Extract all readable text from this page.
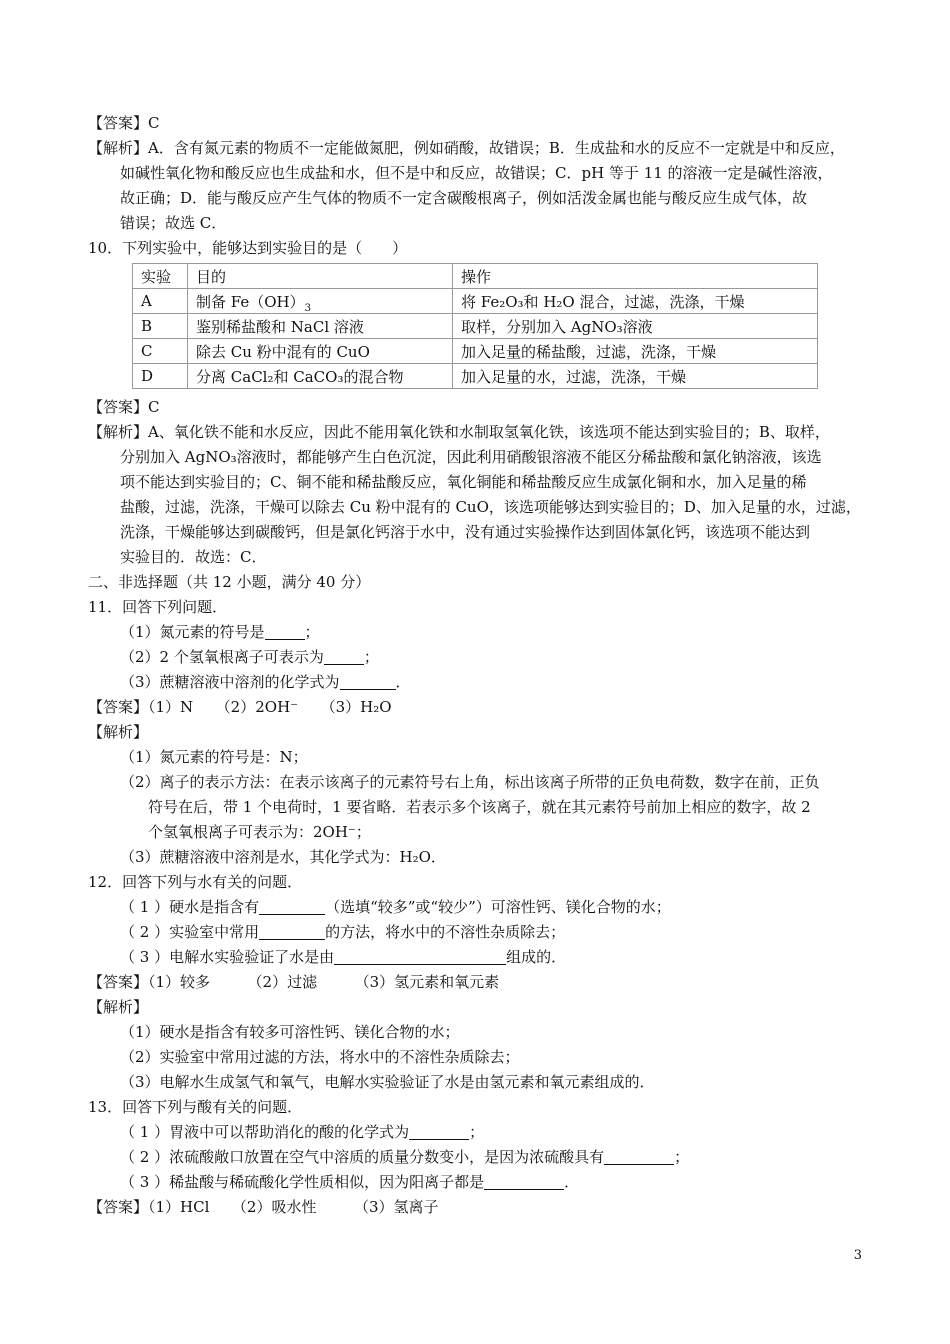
【答案】C
【解析】A．含有氮元素的物质不一定能做氮肥，例如硝酸，故错误；B．生成盐和水的反应不一定就是中和反应，
如碱性氧化物和酸反应也生成盐和水，但不是中和反应，故错误；C．pH 等于 11 的溶液一定是碱性溶液，
故正确；D．能与酸反应产生气体的物质不一定含碳酸根离子，例如活泼金属也能与酸反应生成气体，故
错误；故选 C．
10．下列实验中，能够达到实验目的是（　　）
实验	目的	操作
A	制备 $Fe(OH)_3$	将 Fe₂O₃和 H₂O 混合，过滤，洗涤，干燥
B	鉴别稀盐酸和 NaCl 溶液	取样，分别加入 AgNO₃溶液
C	除去 Cu 粉中混有的 CuO	加入足量的稀盐酸，过滤，洗涤，干燥
D	分离 CaCl₂和 CaCO₃的混合物	加入足量的水，过滤，洗涤，干燥
【答案】C
【解析】A、氧化铁不能和水反应，因此不能用氧化铁和水制取氢氧化铁，该选项不能达到实验目的；B、取样，
分别加入 AgNO₃溶液时，都能够产生白色沉淀，因此利用硝酸银溶液不能区分稀盐酸和氯化钠溶液，该选
项不能达到实验目的；C、铜不能和稀盐酸反应，氧化铜能和稀盐酸反应生成氯化铜和水，加入足量的稀
盐酸，过滤，洗涤，干燥可以除去 Cu 粉中混有的 CuO，该选项能够达到实验目的；D、加入足量的水，过滤，
洗涤，干燥能够达到碳酸钙，但是氯化钙溶于水中，没有通过实验操作达到固体氯化钙，该选项不能达到
实验目的．故选：C．
二、非选择题（共 12 小题，满分 40 分）
11．回答下列问题．
（1）氮元素的符号是	；
（2）2 个氢氧根离子可表示为	；
（3）蔗糖溶液中溶剂的化学式为	．
【答案】（1）N　　（2）2OH⁻　　（3）H₂O
【解析】
（1）氮元素的符号是：N；
（2）离子的表示方法：在表示该离子的元素符号右上角，标出该离子所带的正负电荷数，数字在前，正负
符号在后，带 1 个电荷时，1 要省略．若表示多个该离子，就在其元素符号前加上相应的数字，故 2
个氢氧根离子可表示为：2OH⁻；
（3）蔗糖溶液中溶剂是水，其化学式为：H₂O．
12．回答下列与水有关的问题．
（ 1 ）硬水是指含有	（选填“较多”或“较少”）可溶性钙、镁化合物的水；
（ 2 ）实验室中常用	的方法，将水中的不溶性杂质除去；
（ 3 ）电解水实验验证了水是由	组成的．
【答案】（1）较多　　　（2）过滤　　　（3）氢元素和氧元素
【解析】
（1）硬水是指含有较多可溶性钙、镁化合物的水；
（2）实验室中常用过滤的方法，将水中的不溶性杂质除去；
（3）电解水生成氢气和氧气，电解水实验验证了水是由氢元素和氧元素组成的．
13．回答下列与酸有关的问题．
（ 1 ）胃液中可以帮助消化的酸的化学式为	；
（ 2 ）浓硫酸敞口放置在空气中溶质的质量分数变小，是因为浓硫酸具有	；
（ 3 ）稀盐酸与稀硫酸化学性质相似，因为阳离子都是	．
【答案】（1）HCl　　（2）吸水性　　　（3）氢离子
3
